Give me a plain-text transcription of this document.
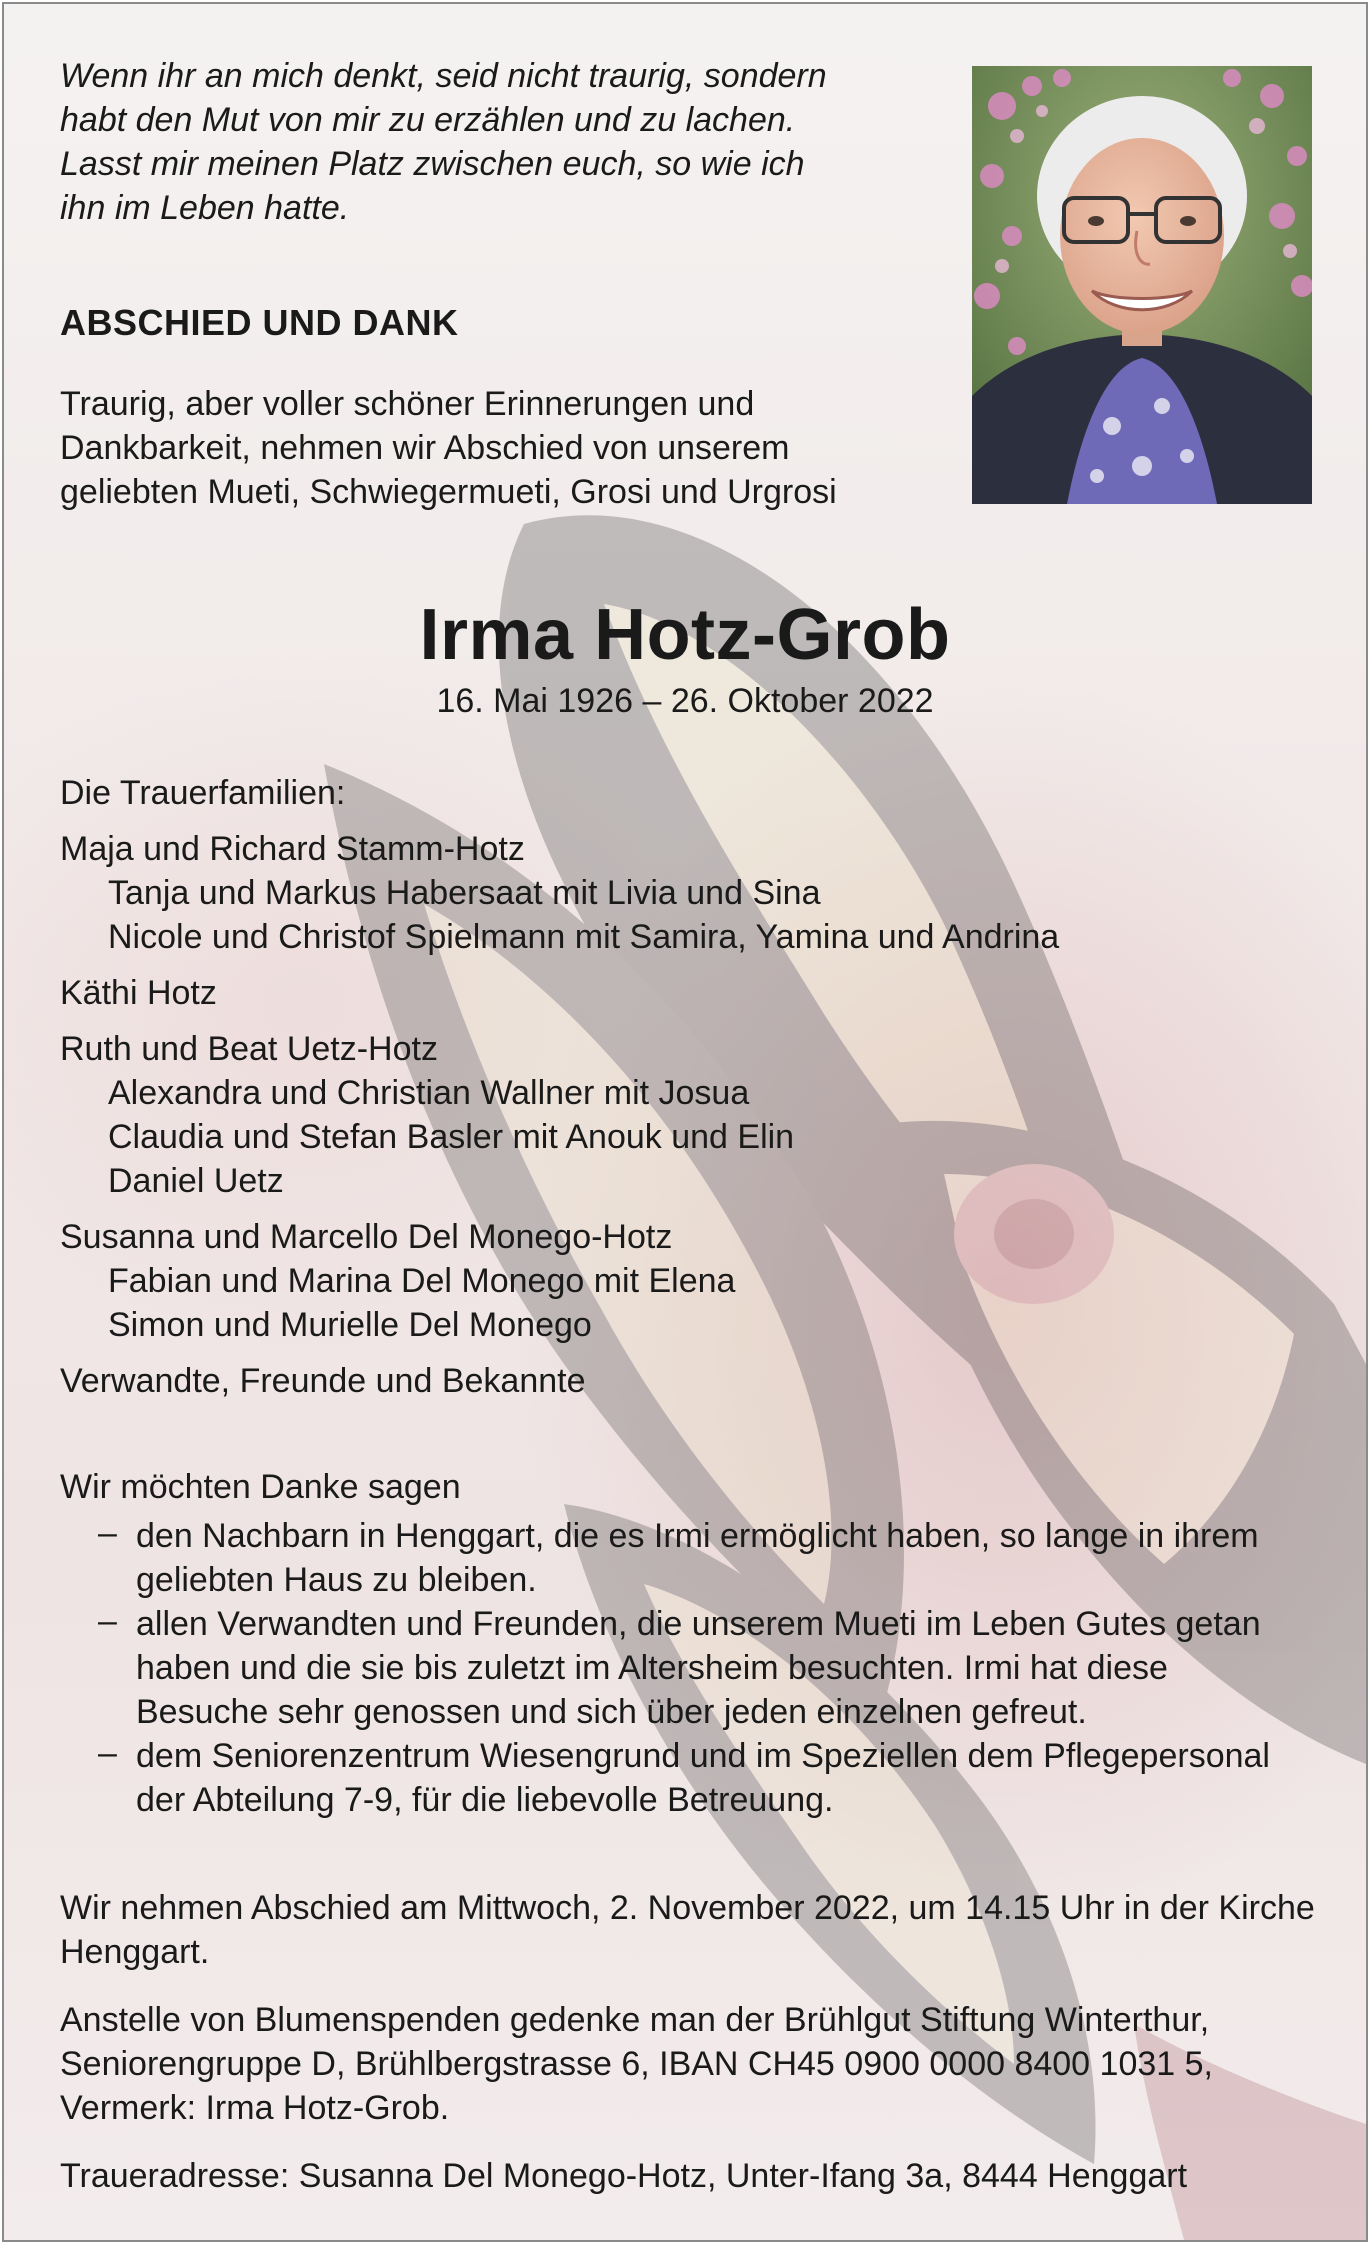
Wenn ihr an mich denkt, seid nicht traurig, sondern
habt den Mut von mir zu erzählen und zu lachen.
Lasst mir meinen Platz zwischen euch, so wie ich
ihn im Leben hatte.
ABSCHIED UND DANK
Traurig, aber voller schöner Erinnerungen und
Dankbarkeit, nehmen wir Abschied von unserem
geliebten Mueti, Schwiegermueti, Grosi und Urgrosi
Irma Hotz-Grob
16. Mai 1926 – 26. Oktober 2022
Die Trauerfamilien:
Maja und Richard Stamm-Hotz
Tanja und Markus Habersaat mit Livia und Sina
Nicole und Christof Spielmann mit Samira, Yamina und Andrina
Käthi Hotz
Ruth und Beat Uetz-Hotz
Alexandra und Christian Wallner mit Josua
Claudia und Stefan Basler mit Anouk und Elin
Daniel Uetz
Susanna und Marcello Del Monego-Hotz
Fabian und Marina Del Monego mit Elena
Simon und Murielle Del Monego
Verwandte, Freunde und Bekannte
Wir möchten Danke sagen
– den Nachbarn in Henggart, die es Irmi ermöglicht haben, so lange in ihrem geliebten Haus zu bleiben.
– allen Verwandten und Freunden, die unserem Mueti im Leben Gutes getan haben und die sie bis zuletzt im Altersheim besuchten. Irmi hat diese Besuche sehr genossen und sich über jeden einzelnen gefreut.
– dem Seniorenzentrum Wiesengrund und im Speziellen dem Pflegepersonal der Abteilung 7-9, für die liebevolle Betreuung.
Wir nehmen Abschied am Mittwoch, 2. November 2022, um 14.15 Uhr in der Kirche Henggart.
Anstelle von Blumenspenden gedenke man der Brühlgut Stiftung Winterthur, Seniorengruppe D, Brühlbergstrasse 6, IBAN CH45 0900 0000 8400 1031 5, Vermerk: Irma Hotz-Grob.
Traueradresse: Susanna Del Monego-Hotz, Unter-Ifang 3a, 8444 Henggart
